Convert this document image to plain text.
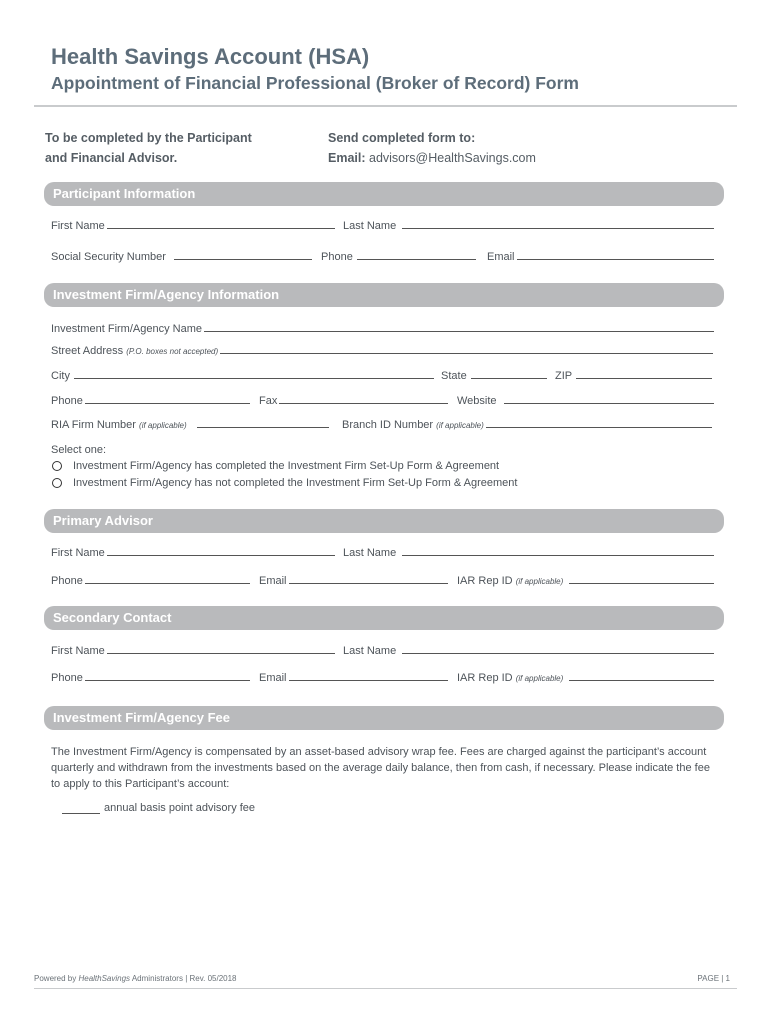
Health Savings Account (HSA)
Appointment of Financial Professional (Broker of Record) Form
To be completed by the Participant
and Financial Advisor.
Send completed form to:
Email: advisors@HealthSavings.com
Participant Information
First Name	Last Name
Social Security Number	Phone	Email
Investment Firm/Agency Information
Investment Firm/Agency Name
Street Address (P.O. boxes not accepted)
City	State	ZIP
Phone	Fax	Website
RIA Firm Number (if applicable)	Branch ID Number (if applicable)
Select one:
Investment Firm/Agency has completed the Investment Firm Set-Up Form & Agreement
Investment Firm/Agency has not completed the Investment Firm Set-Up Form & Agreement
Primary Advisor
First Name	Last Name
Phone	Email	IAR Rep ID (if applicable)
Secondary Contact
First Name	Last Name
Phone	Email	IAR Rep ID (if applicable)
Investment Firm/Agency Fee
The Investment Firm/Agency is compensated by an asset-based advisory wrap fee. Fees are charged against the participant’s account quarterly and withdrawn from the investments based on the average daily balance, then from cash, if necessary. Please indicate the fee to apply to this Participant’s account:
annual basis point advisory fee
Powered by HealthSavings Administrators | Rev. 05/2018	PAGE | 1
